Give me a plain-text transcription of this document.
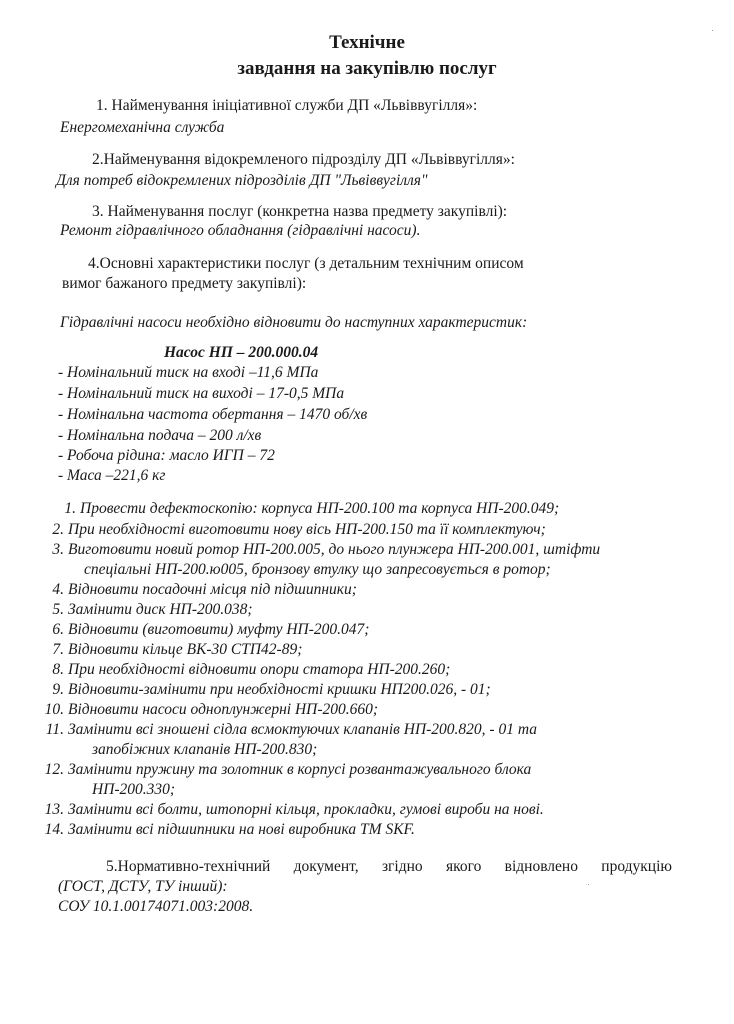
Технічне
завдання на закупівлю послуг
1. Найменування ініціативної служби ДП «Львіввугілля»:
Енергомеханічна служба
2.Найменування відокремленого підрозділу ДП «Львіввугілля»:
Для потреб відокремлених підрозділів ДП "Львіввугілля"
3. Найменування послуг (конкретна назва предмету закупівлі):
Ремонт гідравлічного обладнання (гідравлічні насоси).
4.Основні характеристики послуг (з детальним технічним описом
вимог бажаного предмету закупівлі):
Гідравлічні насоси необхідно відновити до наступних характеристик:
Насос НП – 200.000.04
- Номінальний тиск на вході –11,6 МПа
- Номінальний тиск на виході – 17-0,5 МПа
- Номінальна частота обертання – 1470 об/хв
- Номінальна подача – 200 л/хв
- Робоча рідина: масло ИГП – 72
- Маса –221,6 кг
1. Провести дефектоскопію: корпуса НП-200.100 та корпуса НП-200.049;
2. При необхідності виготовити нову вісь НП-200.150 та її комплектуюч;
3. Виготовити новий ротор НП-200.005, до нього плунжера НП-200.001, штіфти
спеціальні НП-200.ю005, бронзову втулку що запресовується в ротор;
4. Відновити посадочні місця під підшипники;
5. Замінити диск НП-200.038;
6. Відновити (виготовити) муфту НП-200.047;
7. Відновити кільце ВК-30 СТП42-89;
8. При необхідності відновити опори статора НП-200.260;
9. Відновити-замінити при необхідності кришки НП200.026, - 01;
10. Відновити насоси одноплунжерні НП-200.660;
11. Замінити всі зношені сідла всмоктуючих клапанів НП-200.820, - 01 та
запобіжних клапанів НП-200.830;
12. Замінити пружину та золотник в корпусі розвантажувального блока
НП-200.330;
13. Замінити всі болти, штопорні кільця, прокладки, гумові вироби на нові.
14. Замінити всі підшипники на нові виробника ТМ SKF.
5.Нормативно-технічний документ, згідно якого відновлено продукцію
(ГОСТ, ДСТУ, ТУ інший):
СОУ 10.1.00174071.003:2008.
